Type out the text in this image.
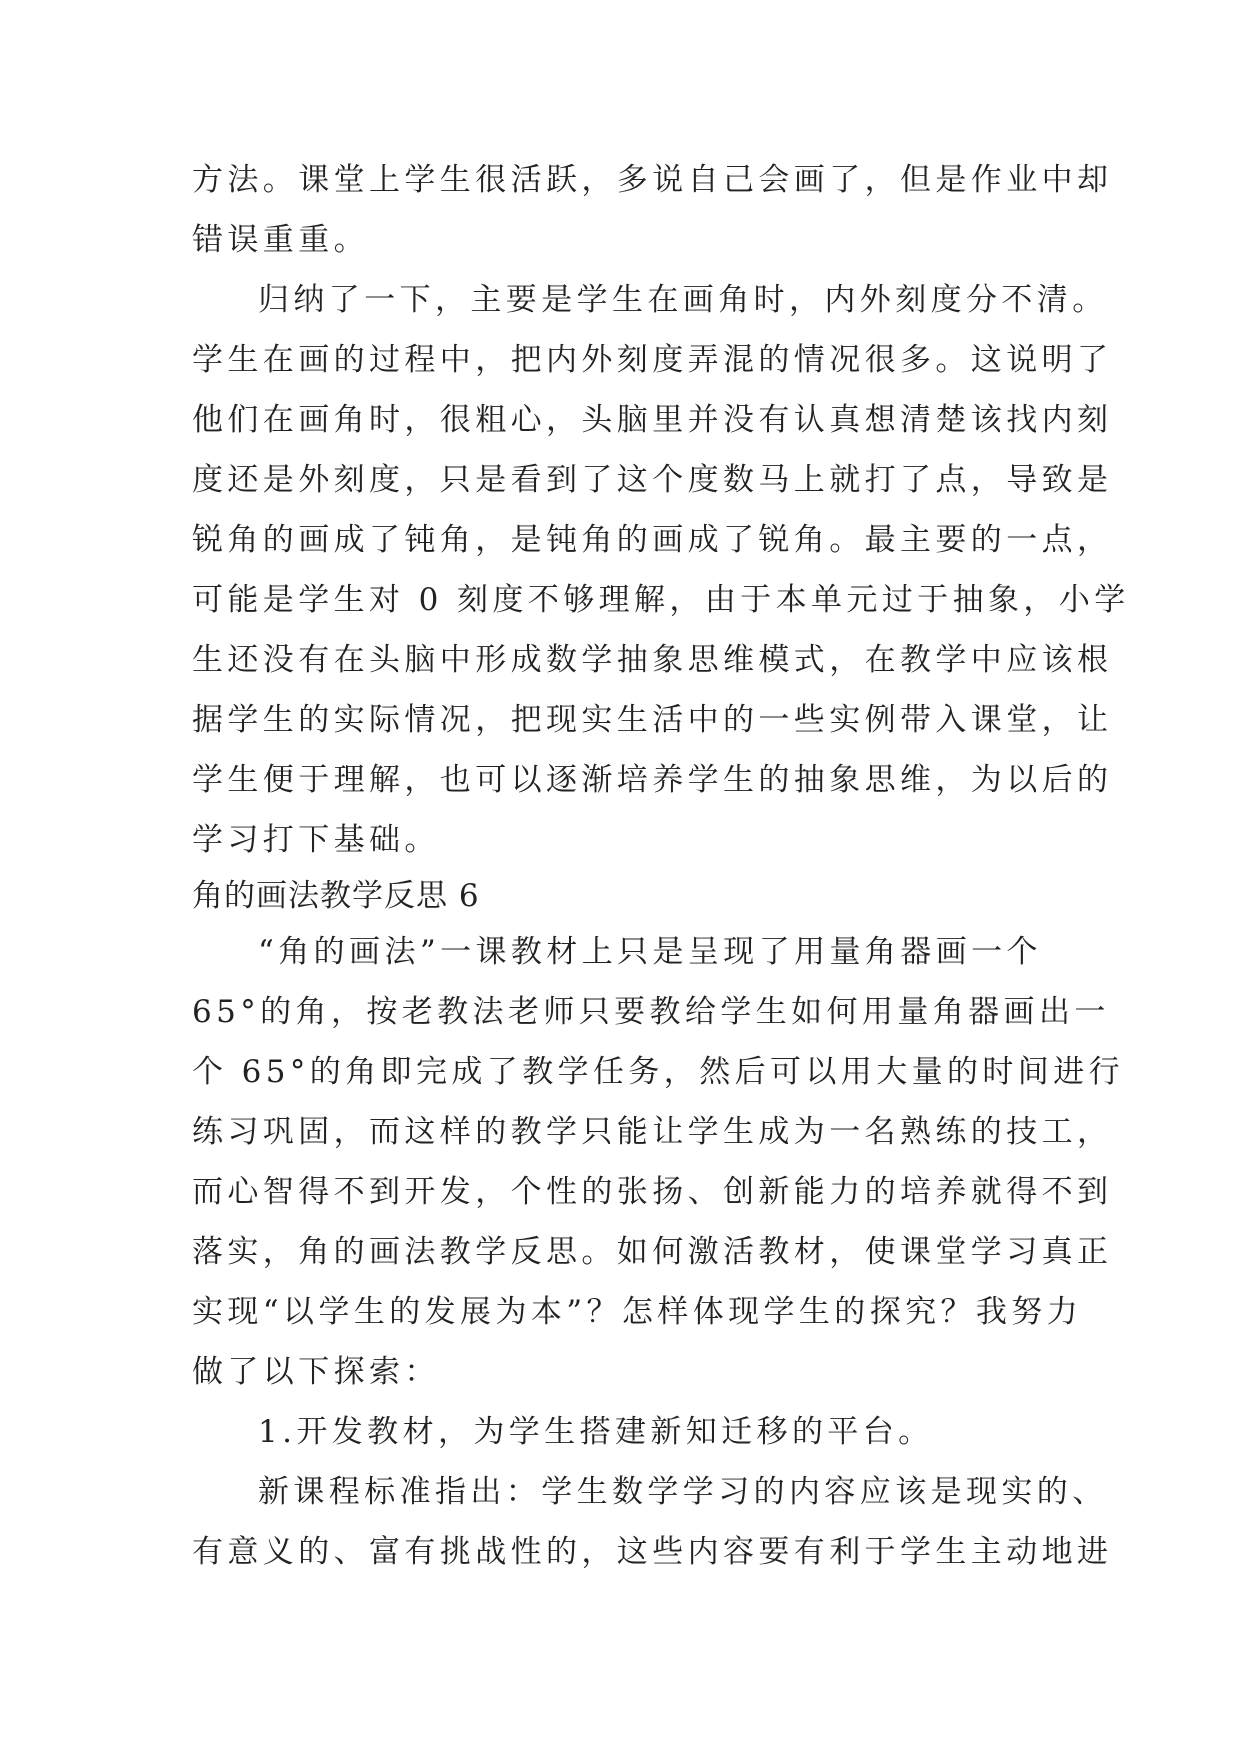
方法。课堂上学生很活跃，多说自己会画了，但是作业中却
错误重重。
归纳了一下，主要是学生在画角时，内外刻度分不清。
学生在画的过程中，把内外刻度弄混的情况很多。这说明了
他们在画角时，很粗心，头脑里并没有认真想清楚该找内刻
度还是外刻度，只是看到了这个度数马上就打了点，导致是
锐角的画成了钝角，是钝角的画成了锐角。最主要的一点，
可能是学生对 0 刻度不够理解，由于本单元过于抽象，小学
生还没有在头脑中形成数学抽象思维模式，在教学中应该根
据学生的实际情况，把现实生活中的一些实例带入课堂，让
学生便于理解，也可以逐渐培养学生的抽象思维，为以后的
学习打下基础。
角的画法教学反思 6
“角的画法”一课教材上只是呈现了用量角器画一个
65°的角，按老教法老师只要教给学生如何用量角器画出一
个 65°的角即完成了教学任务，然后可以用大量的时间进行
练习巩固，而这样的教学只能让学生成为一名熟练的技工，
而心智得不到开发，个性的张扬、创新能力的培养就得不到
落实，角的画法教学反思。如何激活教材，使课堂学习真正
实现“以学生的发展为本”？怎样体现学生的探究？我努力
做了以下探索：
1.开发教材，为学生搭建新知迁移的平台。
新课程标准指出：学生数学学习的内容应该是现实的、
有意义的、富有挑战性的，这些内容要有利于学生主动地进
